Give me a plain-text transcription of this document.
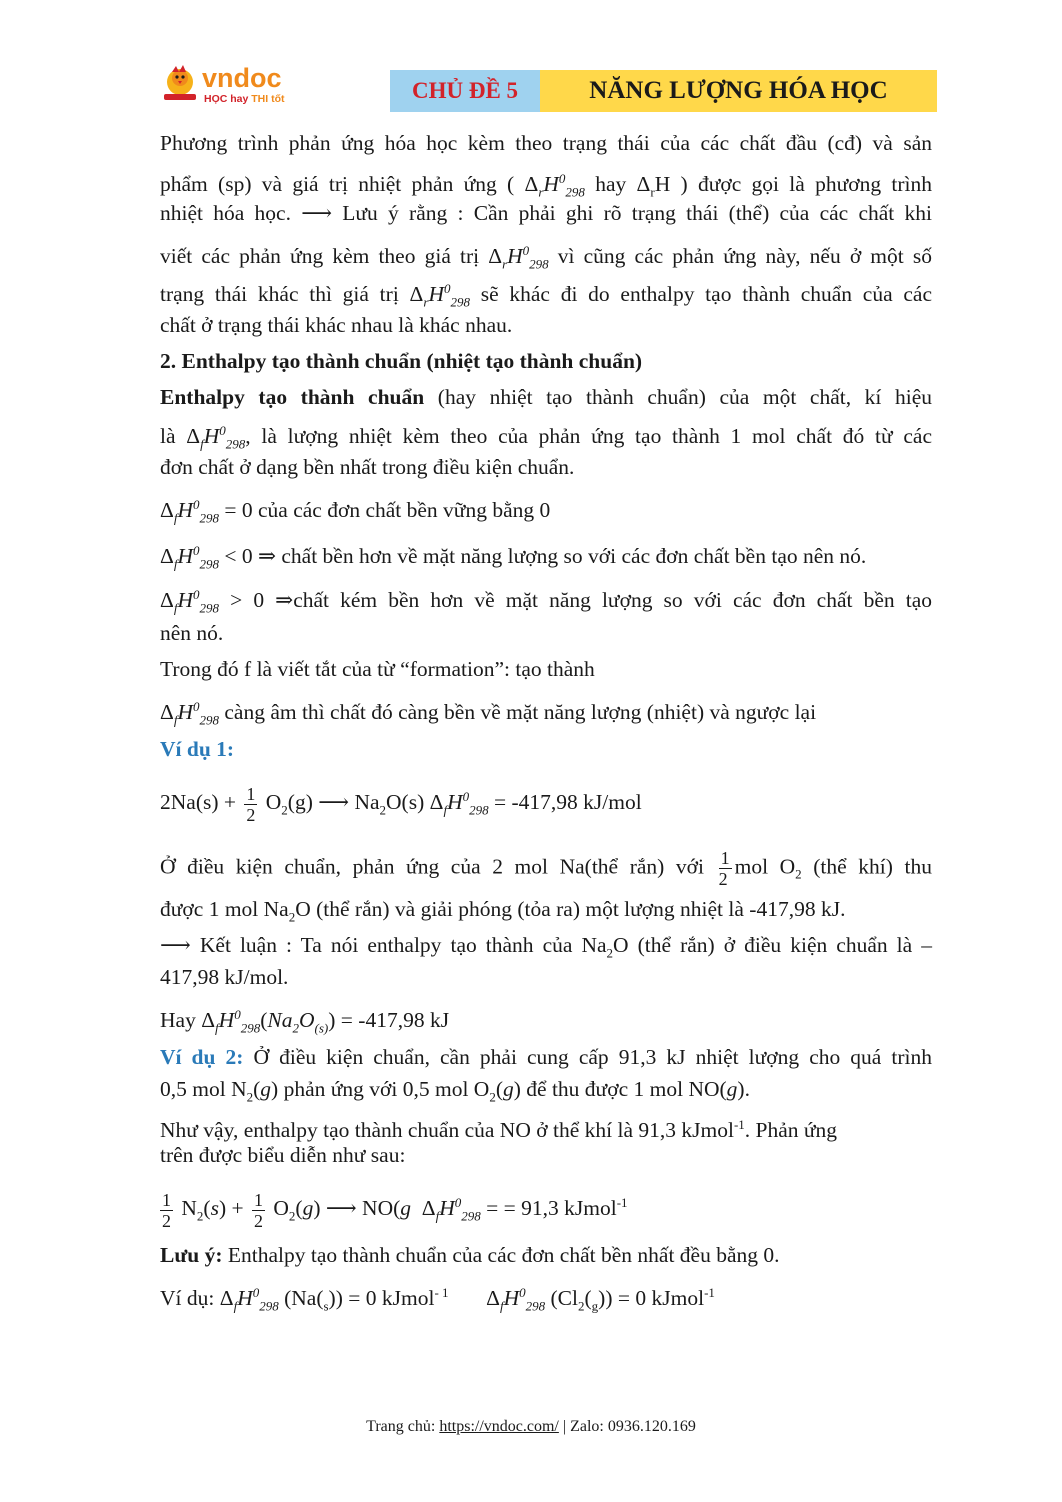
vndoc
HỌC hay THI tốt	CHỦ ĐỀ 5	NĂNG LƯỢNG HÓA HỌC
Phương trình phản ứng hóa học kèm theo trạng thái của các chất đầu (cđ) và sản
phẩm (sp) và giá trị nhiệt phản ứng ( $\Delta_rH^0_{298}$ hay $\Delta_rH$ ) được gọi là phương trình
nhiệt hóa học. ⟶ Lưu ý rằng : Cần phải ghi rõ trạng thái (thể) của các chất khi
viết các phản ứng kèm theo giá trị $\Delta_rH^0_{298}$ vì cũng các phản ứng này, nếu ở một số
trạng thái khác thì giá trị $\Delta_rH^0_{298}$ sẽ khác đi do enthalpy tạo thành chuẩn của các
chất ở trạng thái khác nhau là khác nhau.
2. Enthalpy tạo thành chuẩn (nhiệt tạo thành chuẩn)
Enthalpy tạo thành chuẩn (hay nhiệt tạo thành chuẩn) của một chất, kí hiệu
là $\Delta_fH^0_{298}$, là lượng nhiệt kèm theo của phản ứng tạo thành 1 mol chất đó từ các
đơn chất ở dạng bền nhất trong điều kiện chuẩn.
$\Delta_fH^0_{298} = 0$ của các đơn chất bền vững bằng 0
$\Delta_fH^0_{298} < 0$ ⇒ chất bền hơn về mặt năng lượng so với các đơn chất bền tạo nên nó.
$\Delta_fH^0_{298} > 0$ ⇒chất kém bền hơn về mặt năng lượng so với các đơn chất bền tạo
nên nó.
Trong đó f là viết tắt của từ “formation”: tạo thành
$\Delta_fH^0_{298}$ càng âm thì chất đó càng bền về mặt năng lượng (nhiệt) và ngược lại
Ví dụ 1:
$2Na(s) + \frac{1}{2} O_2(g)$ ⟶ $Na_2O(s) \Delta_fH^0_{298} = -417,98$ kJ/mol
Ở điều kiện chuẩn, phản ứng của 2 mol Na(thể rắn) với $\frac{1}{2}$ mol $O_2$ (thể khí) thu
được 1 mol $Na_2O$ (thể rắn) và giải phóng (tỏa ra) một lượng nhiệt là -417,98 kJ.
⟶ Kết luận : Ta nói enthalpy tạo thành của $Na_2O$ (thể rắn) ở điều kiện chuẩn là –
417,98 kJ/mol.
Hay $\Delta_fH^0_{298}(Na_2O_{(s)}) = -417,98$ kJ
Ví dụ 2: Ở điều kiện chuẩn, cần phải cung cấp 91,3 kJ nhiệt lượng cho quá trình
0,5 mol $N_2(g)$ phản ứng với 0,5 mol $O_2(g)$ để thu được 1 mol NO(g).
Như vậy, enthalpy tạo thành chuẩn của NO ở thể khí là 91,3 kJmol$^{-1}$. Phản ứng
trên được biểu diễn như sau:
$\frac{1}{2} N_2(s) + \frac{1}{2} O_2(g)$ ⟶ NO(g $\Delta_fH^0_{298}$ = = 91,3 kJmol$^{-1}$
Lưu ý: Enthalpy tạo thành chuẩn của các đơn chất bền nhất đều bằng 0.
Ví dụ: $\Delta_fH^0_{298}$ $(Na(_s)) = 0$ kJmol$^{- 1}$ $\Delta_fH^0_{298}$ $(Cl_2(_g)) = 0$ kJmol$^{-1}$
Trang chủ: https://vndoc.com/ | Zalo: 0936.120.169
